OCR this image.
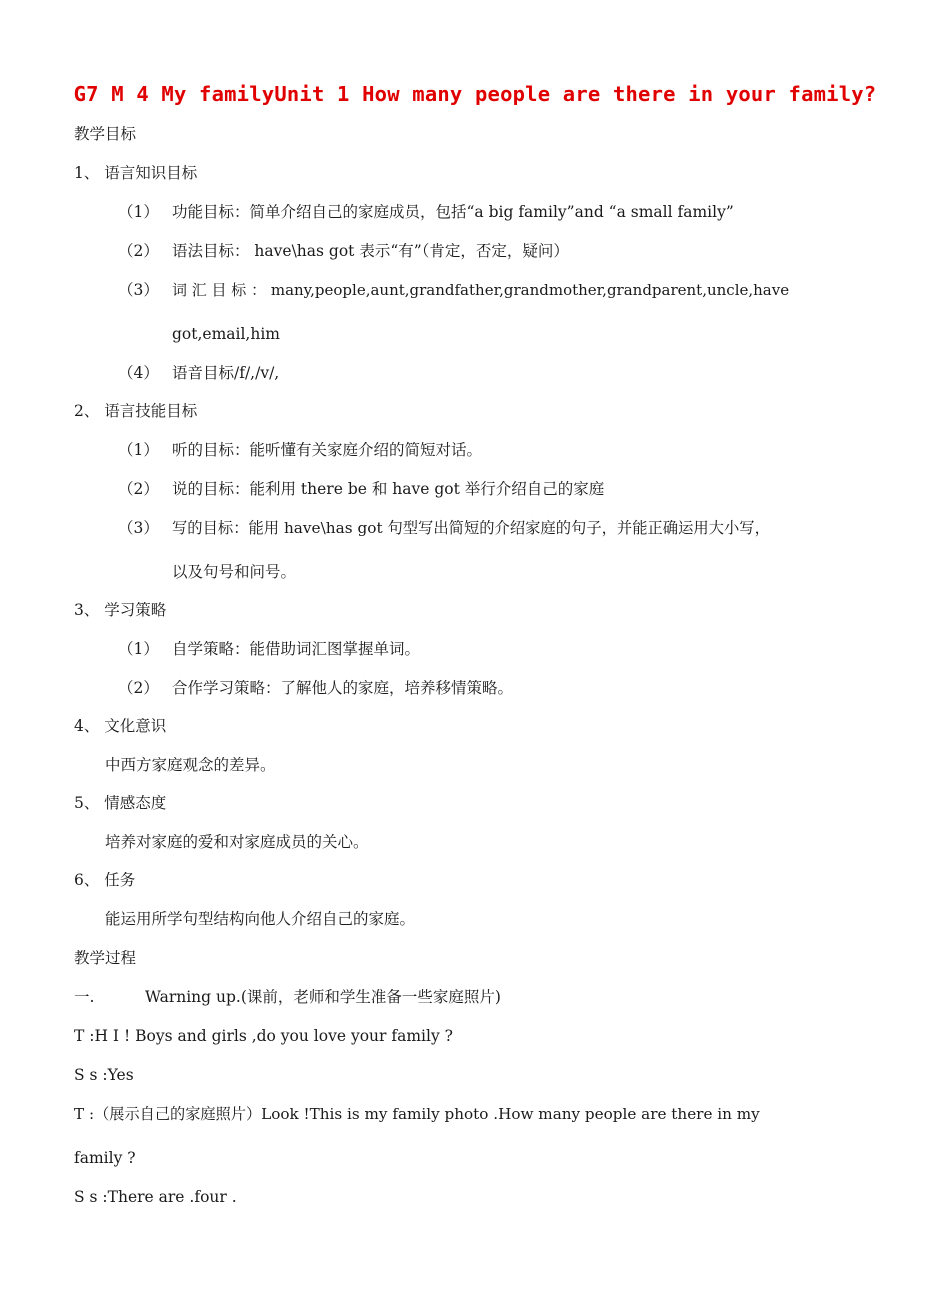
G7 M 4 My familyUnit 1 How many people are there in your family?
教学目标
1、 语言知识目标
（1） 功能目标：简单介绍自己的家庭成员，包括“a big family”and “a small family”
（2） 语法目标： have\has got 表示“有”（肯定，否定，疑问）
（3） 词 汇 目 标 ： many,people,aunt,grandfather,grandmother,grandparent,uncle,have
got,email,him
（4） 语音目标/f/,/v/,
2、 语言技能目标
（1） 听的目标：能听懂有关家庭介绍的简短对话。
（2） 说的目标：能利用 there be 和 have got 举行介绍自己的家庭
（3） 写的目标：能用 have\has got 句型写出简短的介绍家庭的句子，并能正确运用大小写，
以及句号和问号。
3、 学习策略
（1） 自学策略：能借助词汇图掌握单词。
（2） 合作学习策略：了解他人的家庭，培养移情策略。
4、 文化意识
中西方家庭观念的差异。
5、 情感态度
培养对家庭的爱和对家庭成员的关心。
6、 任务
能运用所学句型结构向他人介绍自己的家庭。
教学过程
一.	Warning up.(课前，老师和学生准备一些家庭照片)
T :H I ! Boys and girls ,do you love your family ?
S s :Yes
T :（展示自己的家庭照片）Look !This is my family photo .How many people are there in my
family ?
S s :There are .four .
